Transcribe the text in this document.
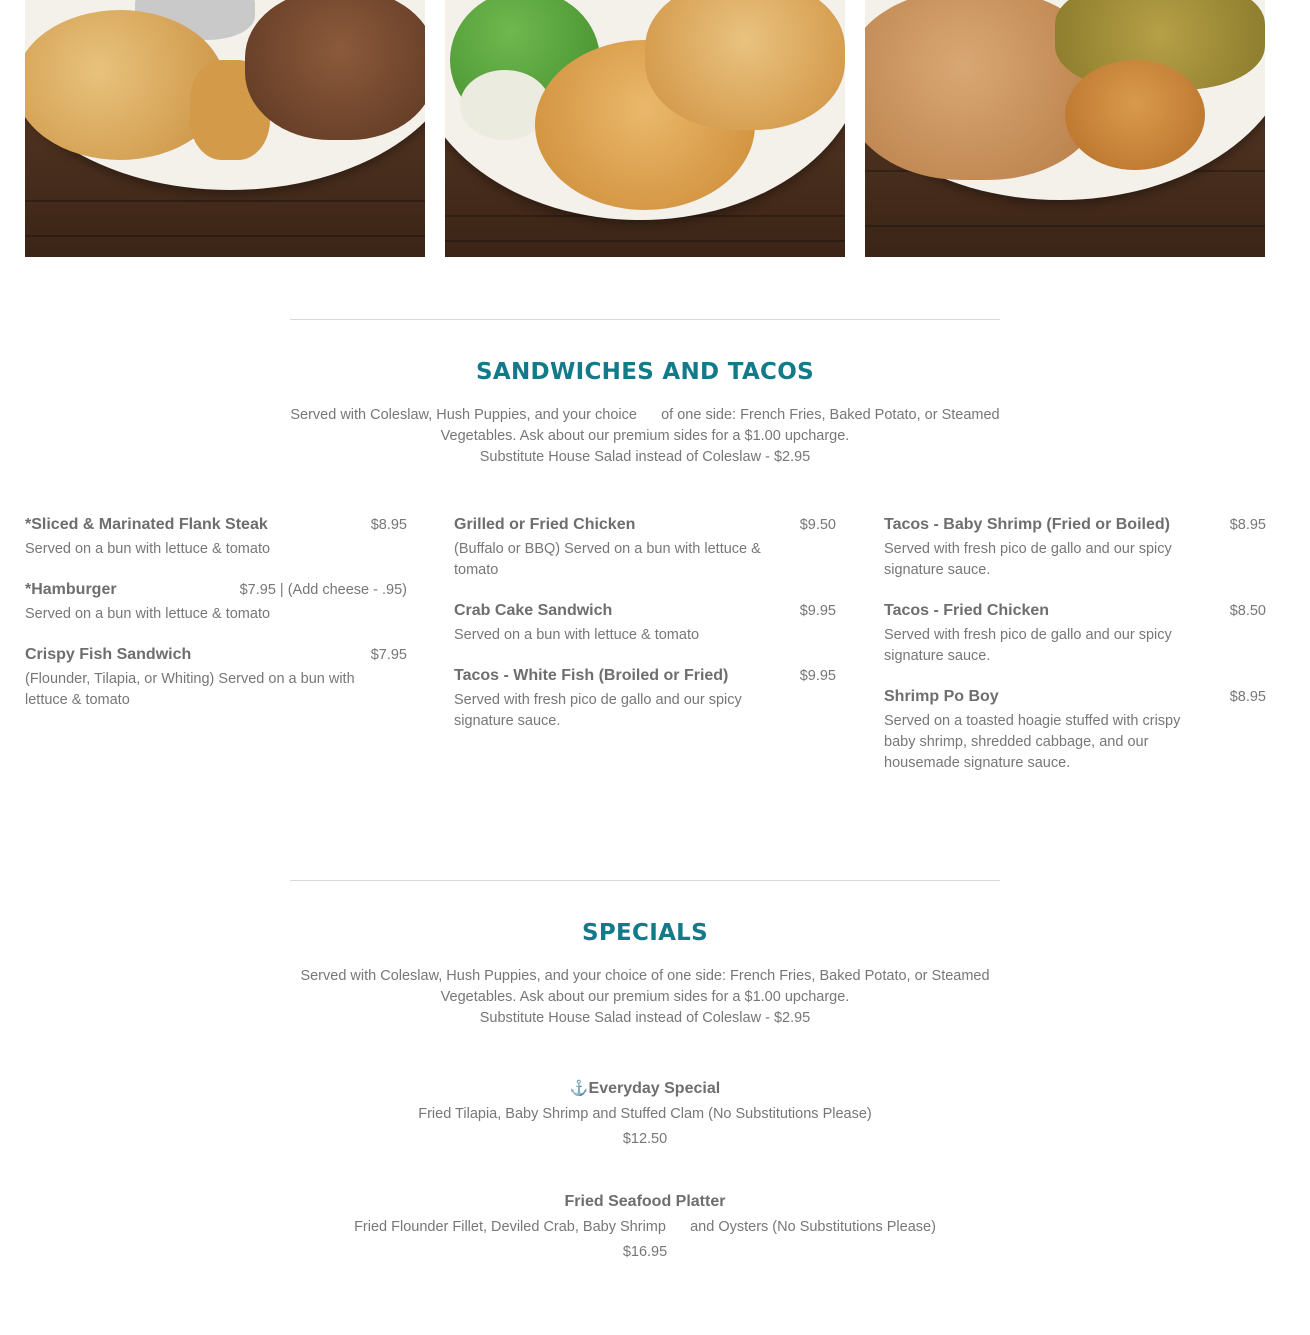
SANDWICHES AND TACOS
Served with Coleslaw, Hush Puppies, and your choice      of one side: French Fries, Baked Potato, or Steamed
Vegetables. Ask about our premium sides for a $1.00 upcharge.
Substitute House Salad instead of Coleslaw - $2.95
*Sliced & Marinated Flank Steak	$8.95
Served on a bun with lettuce & tomato
*Hamburger	$7.95 | (Add cheese - .95)
Served on a bun with lettuce & tomato
Crispy Fish Sandwich	$7.95
(Flounder, Tilapia, or Whiting) Served on a bun with lettuce & tomato
Grilled or Fried Chicken	$9.50
(Buffalo or BBQ) Served on a bun with lettuce & tomato
Crab Cake Sandwich	$9.95
Served on a bun with lettuce & tomato
Tacos - White Fish (Broiled or Fried)	$9.95
Served with fresh pico de gallo and our spicy signature sauce.
Tacos - Baby Shrimp (Fried or Boiled)	$8.95
Served with fresh pico de gallo and our spicy signature sauce.
Tacos - Fried Chicken	$8.50
Served with fresh pico de gallo and our spicy signature sauce.
Shrimp Po Boy	$8.95
Served on a toasted hoagie stuffed with crispy baby shrimp, shredded cabbage, and our housemade signature sauce.
SPECIALS
Served with Coleslaw, Hush Puppies, and your choice of one side: French Fries, Baked Potato, or Steamed
Vegetables. Ask about our premium sides for a $1.00 upcharge.
Substitute House Salad instead of Coleslaw - $2.95
⚓Everyday Special
Fried Tilapia, Baby Shrimp and Stuffed Clam (No Substitutions Please)
$12.50
Fried Seafood Platter
Fried Flounder Fillet, Deviled Crab, Baby Shrimp      and Oysters (No Substitutions Please)
$16.95
